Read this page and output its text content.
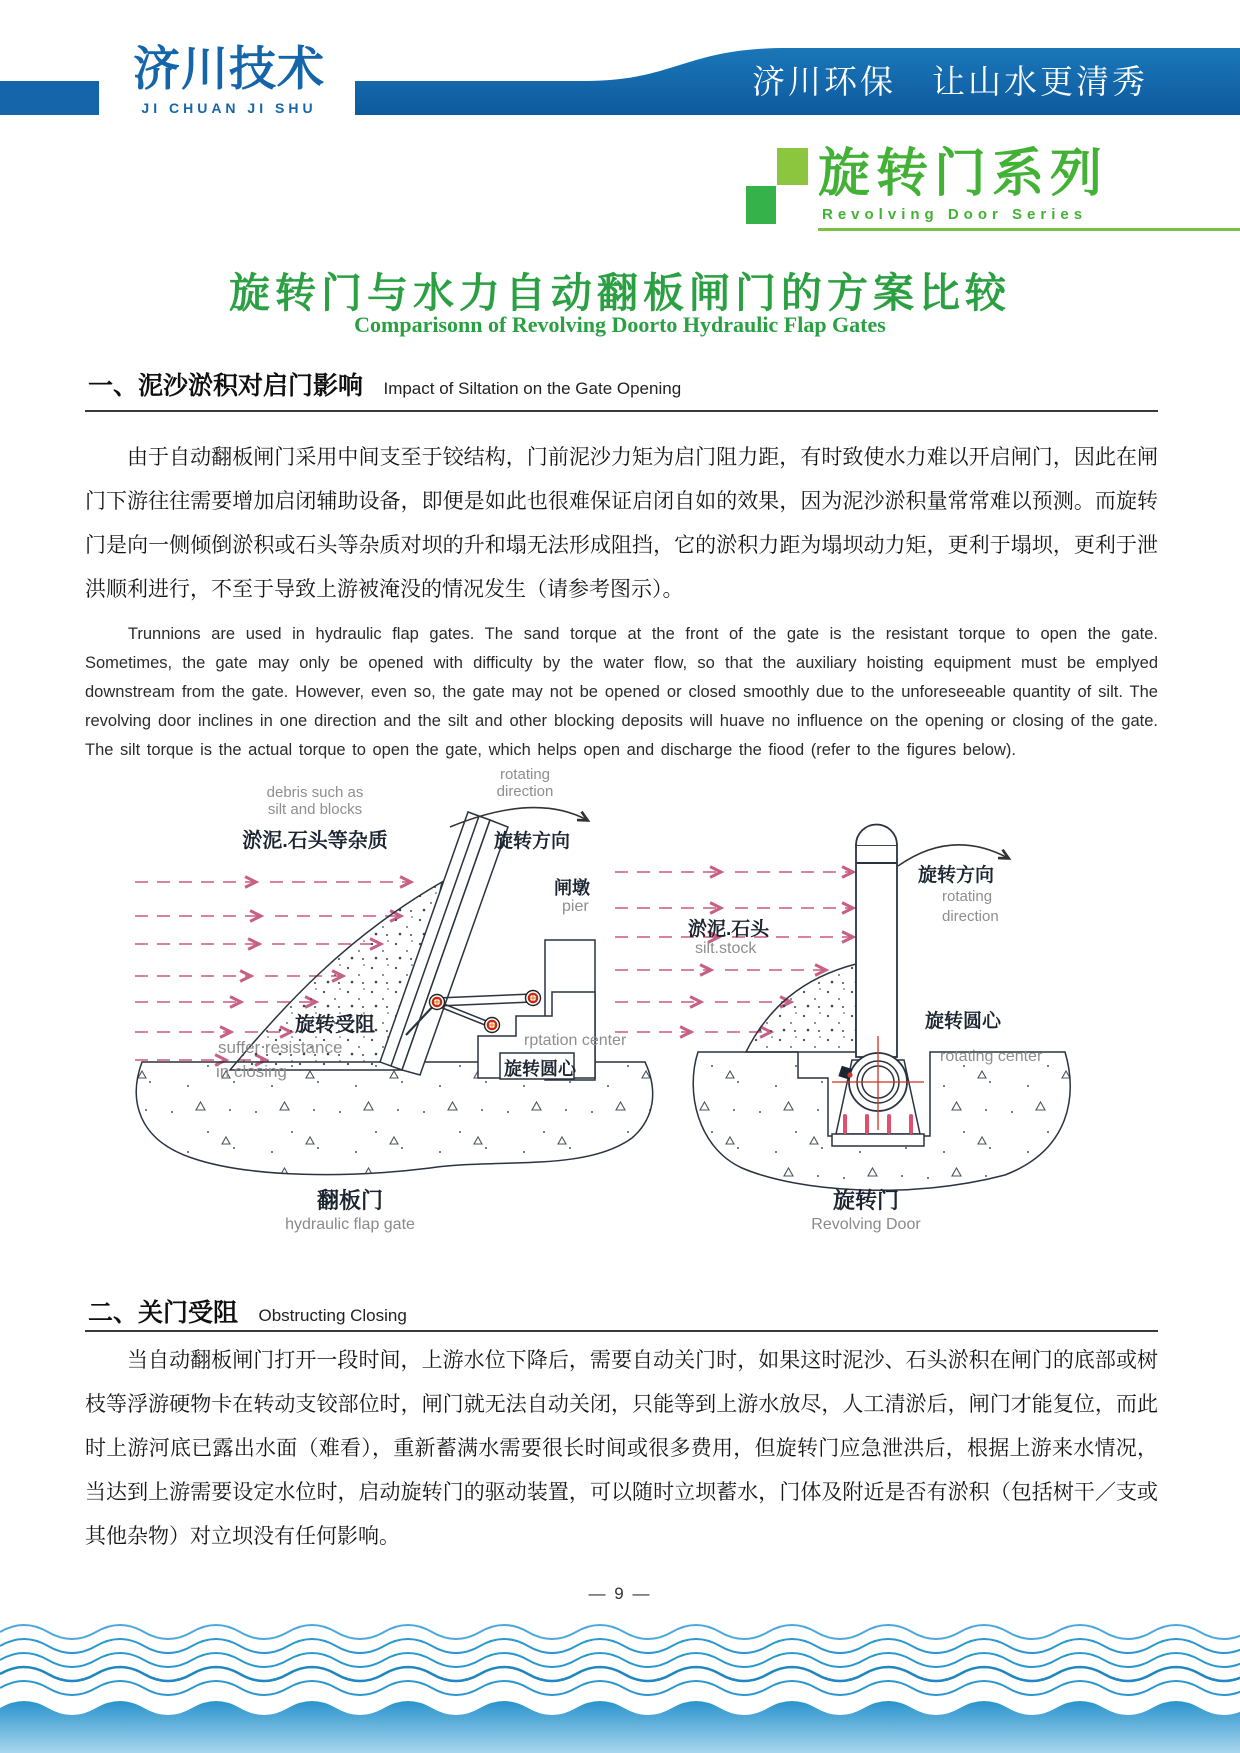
济川技术
JI CHUAN JI SHU
济川环保　让山水更清秀
旋转门系列
Revolving Door Series
旋转门与水力自动翻板闸门的方案比较
Comparisonn of Revolving Doorto Hydraulic Flap Gates
一、泥沙淤积对启门影响 Impact of Siltation on the Gate Opening
由于自动翻板闸门采用中间支至于铰结构，门前泥沙力矩为启门阻力距，有时致使水力难以开启闸门，因此在闸门下游往往需要增加启闭辅助设备，即便是如此也很难保证启闭自如的效果，因为泥沙淤积量常常难以预测。而旋转门是向一侧倾倒淤积或石头等杂质对坝的升和塌无法形成阻挡，它的淤积力距为塌坝动力矩，更利于塌坝，更利于泄洪顺利进行，不至于导致上游被淹没的情况发生（请参考图示）。
Trunnions are used in hydraulic flap gates. The sand torque at the front of the gate is the resistant torque to open the gate. Sometimes, the gate may only be opened with difficulty by the water flow, so that the auxiliary hoisting equipment must be emplyed downstream from the gate. However, even so, the gate may not be opened or closed smoothly due to the unforeseeable quantity of silt. The revolving door inclines in one direction and the silt and other blocking deposits will huave no influence on the opening or closing of the gate. The silt torque is the actual torque to open the gate, which helps open and discharge the fiood (refer to the figures below).
debris such as
silt and blocks
淤泥.石头等杂质
rotating
direction
旋转方向
闸墩
pier
旋转受阻
suffer resistance
in closing
rptation center
旋转圆心
翻板门
hydraulic flap gate
旋转方向
rotating
direction
淤泥.石头
silt.stock
旋转圆心
rotating center
旋转门
Revolving Door
二、关门受阻 Obstructing Closing
当自动翻板闸门打开一段时间，上游水位下降后，需要自动关门时，如果这时泥沙、石头淤积在闸门的底部或树枝等浮游硬物卡在转动支铰部位时，闸门就无法自动关闭，只能等到上游水放尽，人工清淤后，闸门才能复位，而此时上游河底已露出水面（难看），重新蓄满水需要很长时间或很多费用，但旋转门应急泄洪后，根据上游来水情况，当达到上游需要设定水位时，启动旋转门的驱动装置，可以随时立坝蓄水，门体及附近是否有淤积（包括树干／支或其他杂物）对立坝没有任何影响。
— 9 —
